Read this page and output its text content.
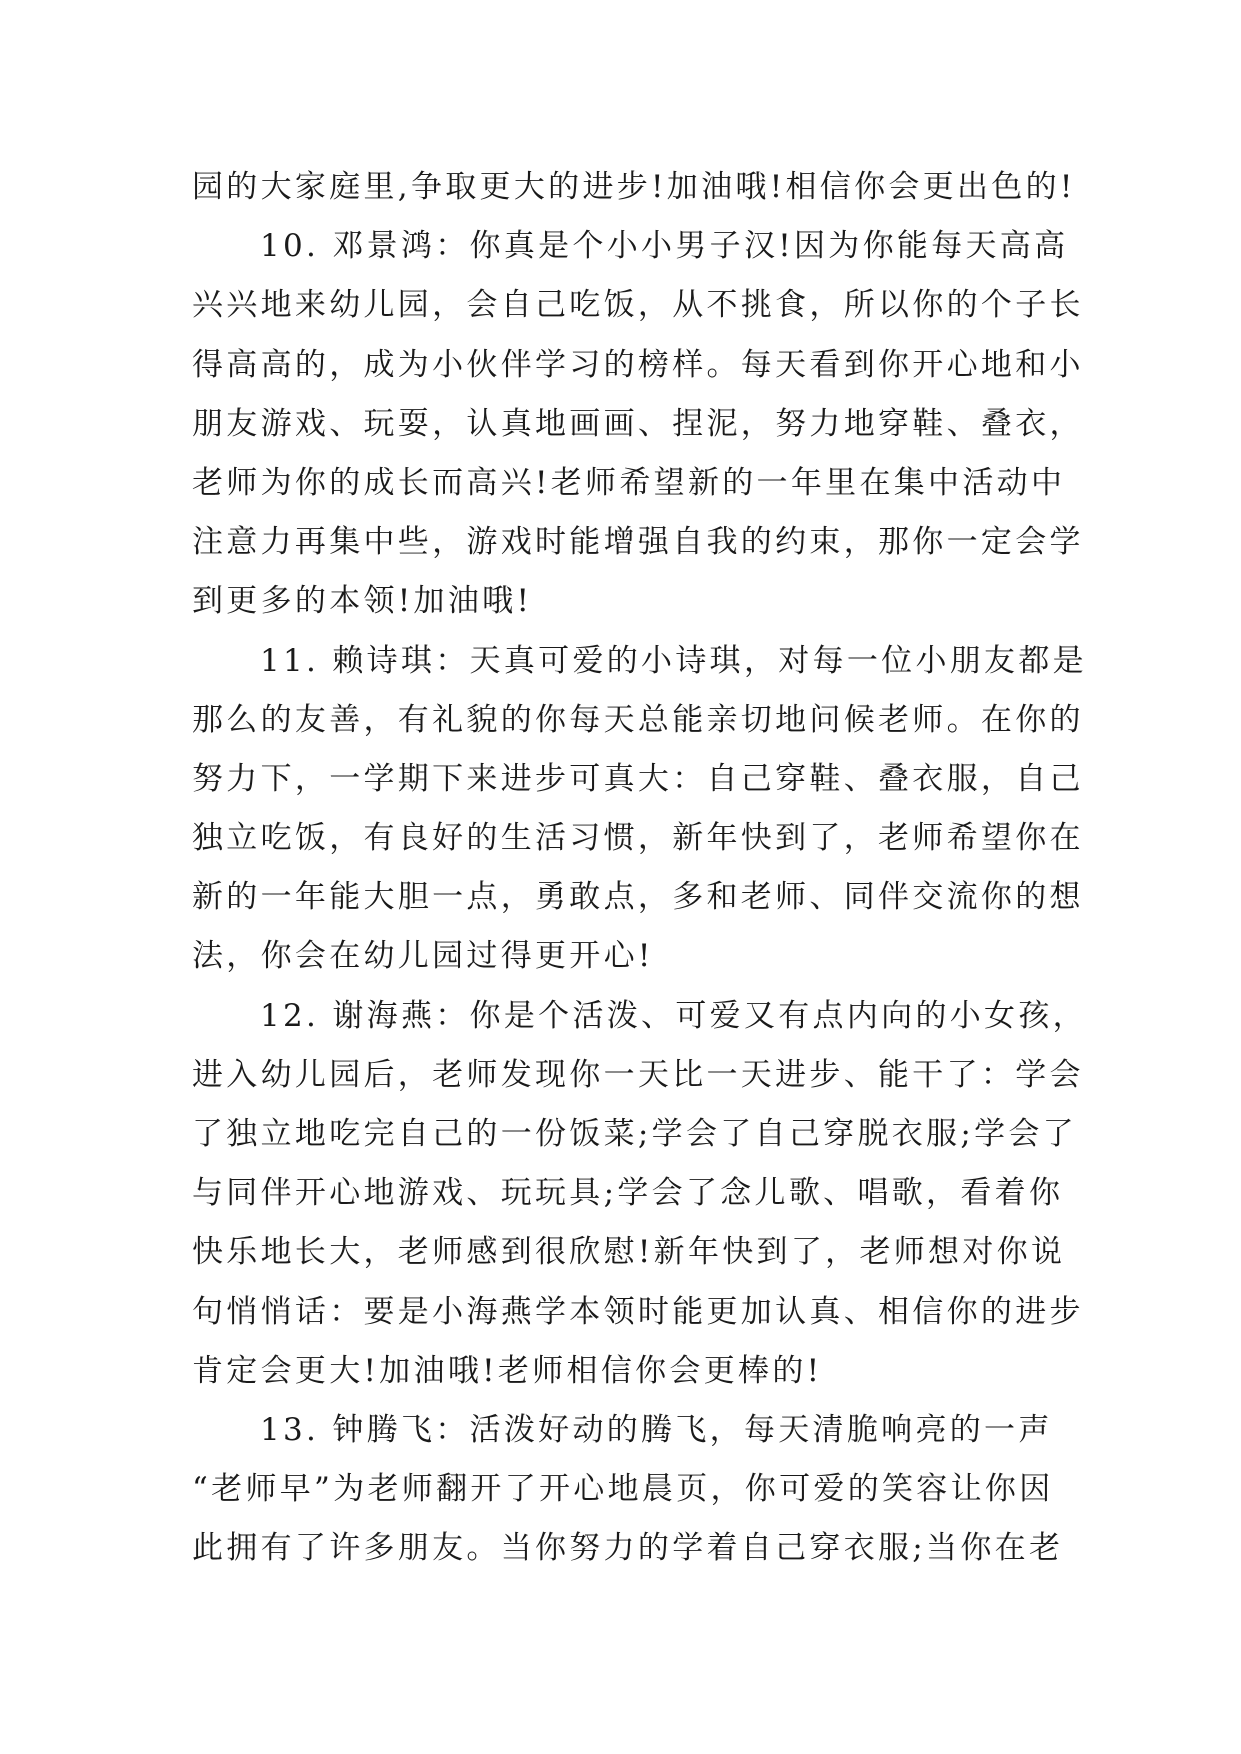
园的大家庭里,争取更大的进步!加油哦!相信你会更出色的!
10. 邓景鸿：你真是个小小男子汉!因为你能每天高高
兴兴地来幼儿园，会自己吃饭，从不挑食，所以你的个子长
得高高的，成为小伙伴学习的榜样。每天看到你开心地和小
朋友游戏、玩耍，认真地画画、捏泥，努力地穿鞋、叠衣，
老师为你的成长而高兴!老师希望新的一年里在集中活动中
注意力再集中些，游戏时能增强自我的约束，那你一定会学
到更多的本领!加油哦!
11. 赖诗琪：天真可爱的小诗琪，对每一位小朋友都是
那么的友善，有礼貌的你每天总能亲切地问候老师。在你的
努力下，一学期下来进步可真大：自己穿鞋、叠衣服，自己
独立吃饭，有良好的生活习惯，新年快到了，老师希望你在
新的一年能大胆一点，勇敢点，多和老师、同伴交流你的想
法，你会在幼儿园过得更开心!
12. 谢海燕：你是个活泼、可爱又有点内向的小女孩，
进入幼儿园后，老师发现你一天比一天进步、能干了：学会
了独立地吃完自己的一份饭菜;学会了自己穿脱衣服;学会了
与同伴开心地游戏、玩玩具;学会了念儿歌、唱歌，看着你
快乐地长大，老师感到很欣慰!新年快到了，老师想对你说
句悄悄话：要是小海燕学本领时能更加认真、相信你的进步
肯定会更大!加油哦!老师相信你会更棒的!
13. 钟腾飞：活泼好动的腾飞，每天清脆响亮的一声
“老师早”为老师翻开了开心地晨页，你可爱的笑容让你因
此拥有了许多朋友。当你努力的学着自己穿衣服;当你在老
